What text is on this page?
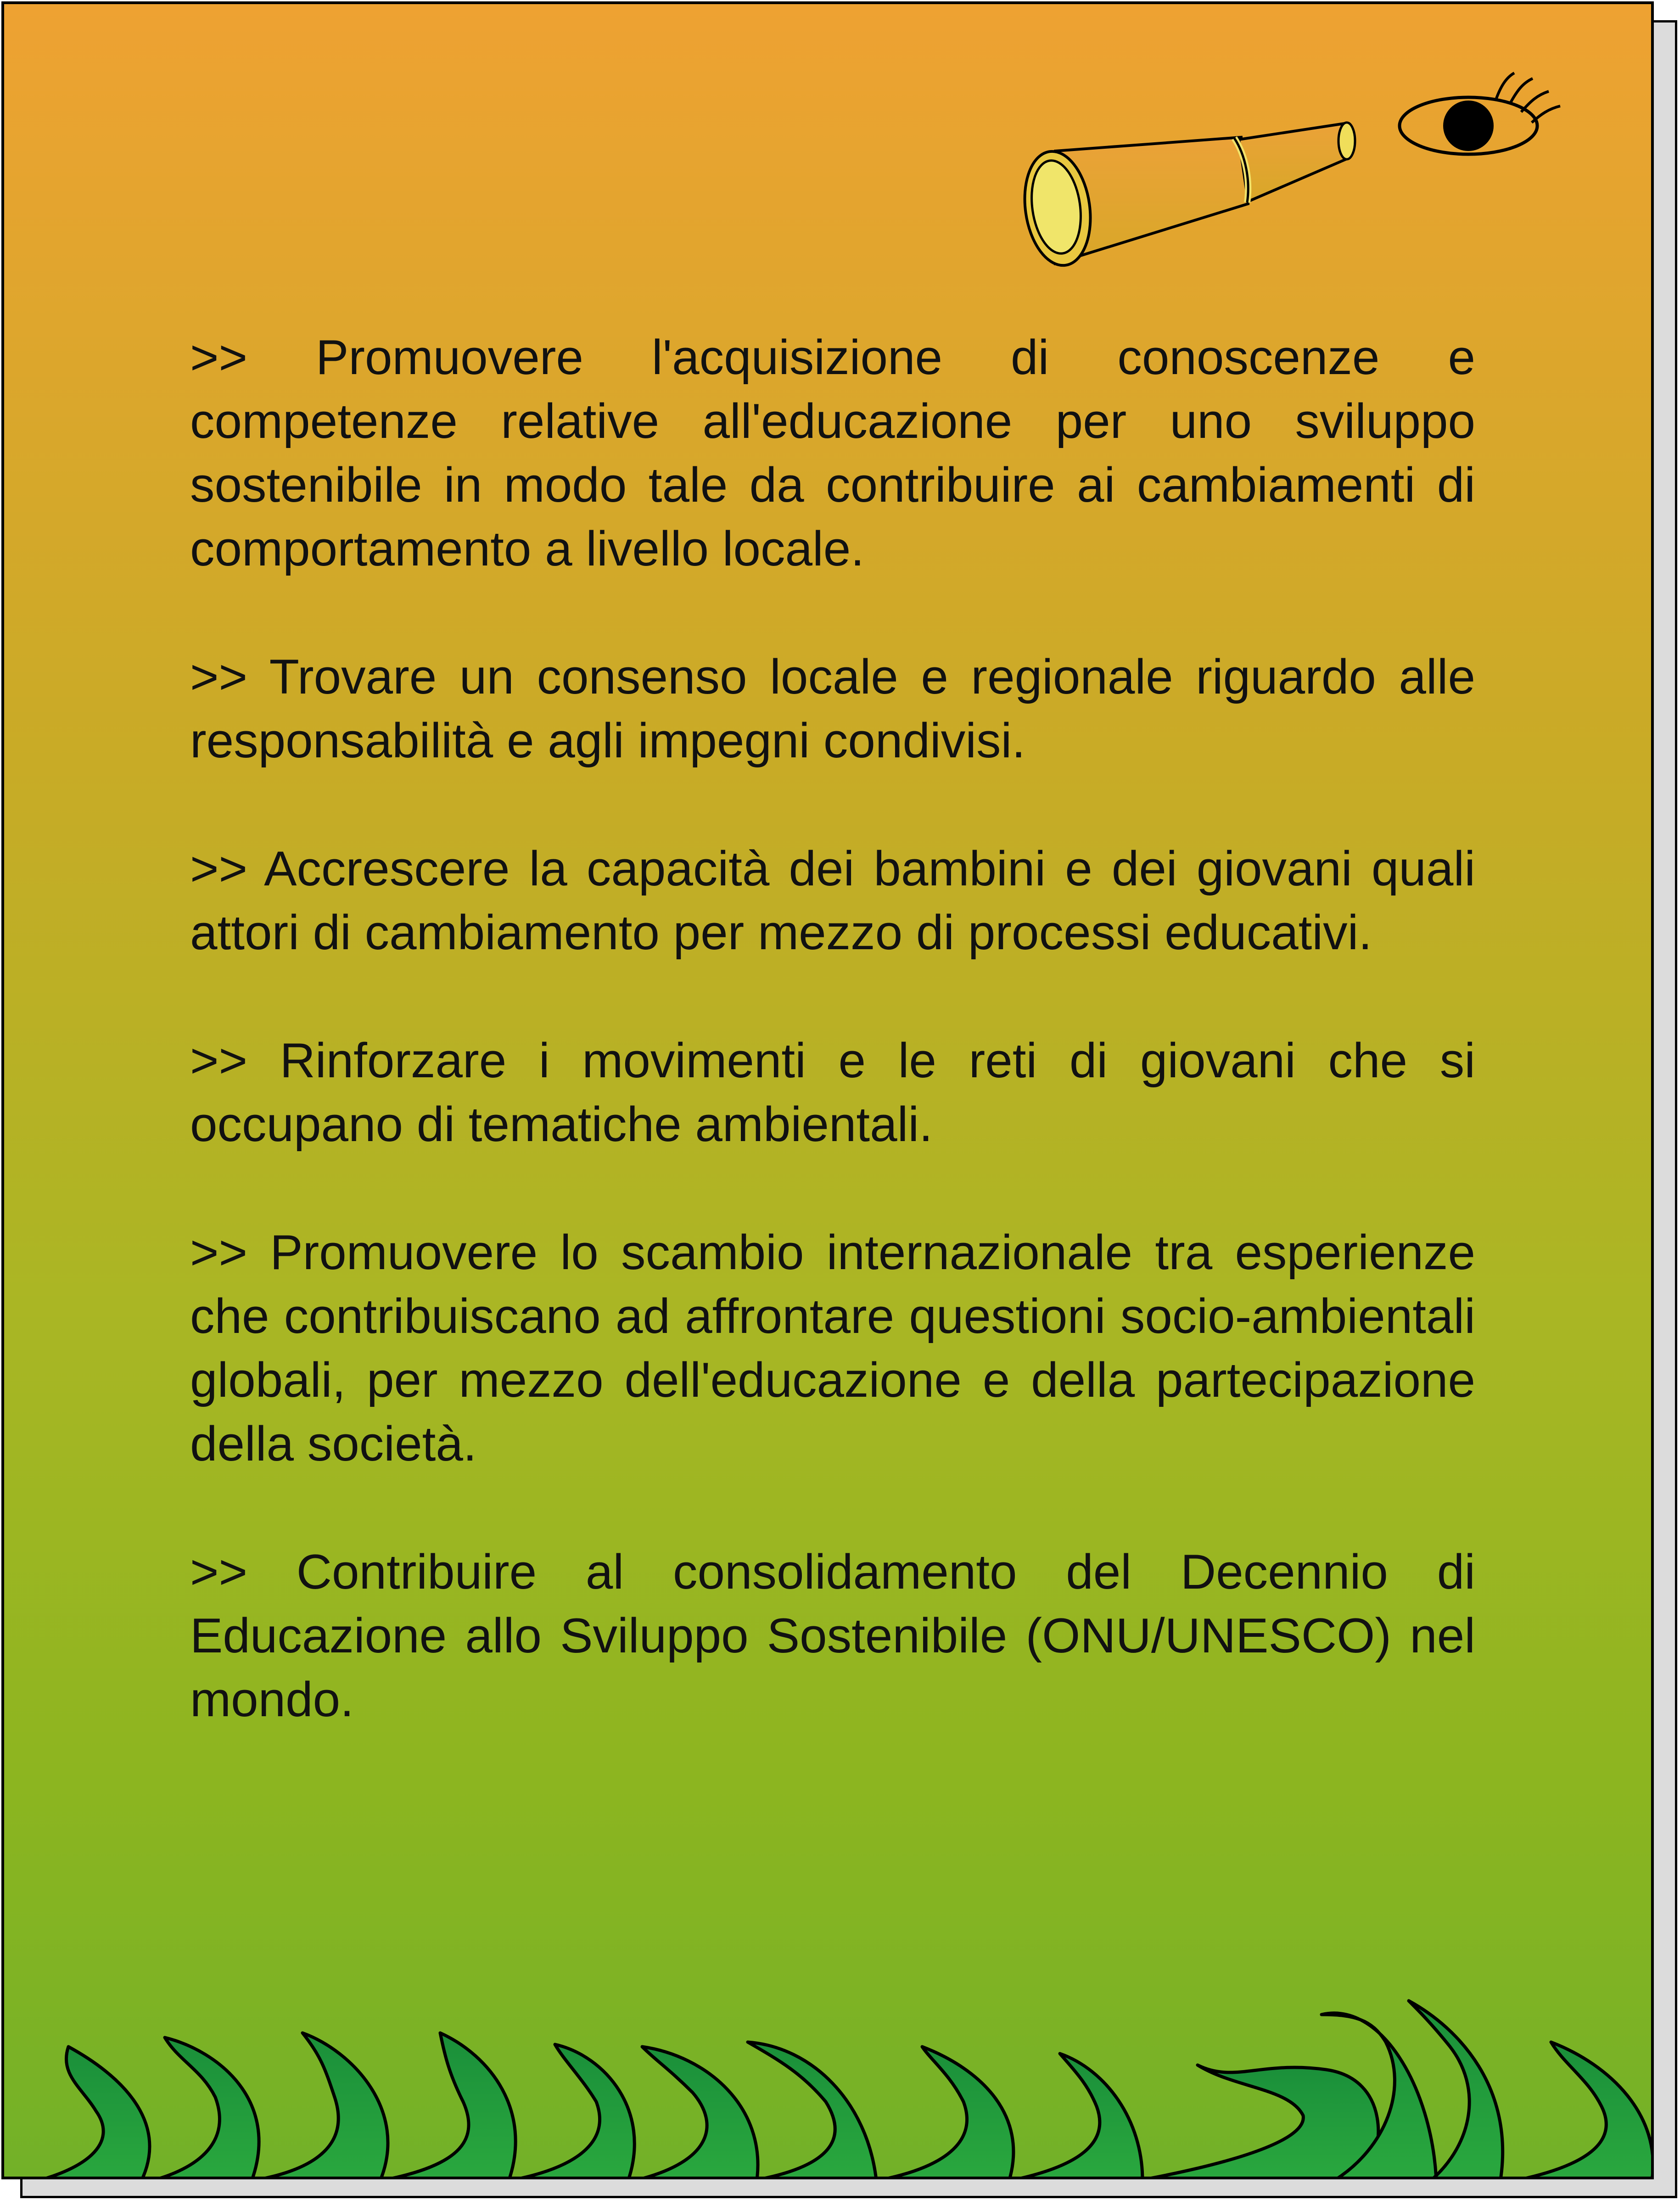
>> Promuovere l'acquisizione di conoscenze e competenze relative all'educazione per uno sviluppo sostenibile in modo tale da contribuire ai cambiamenti di comportamento a livello locale.

>> Trovare un consenso locale e regionale riguardo alle responsabilità e agli impegni condivisi.

>> Accrescere la capacità dei bambini e dei giovani quali attori di cambiamento per mezzo di processi educativi.

>> Rinforzare i movimenti e le reti di giovani che si occupano di tematiche ambientali.

>> Promuovere lo scambio internazionale tra esperienze che contribuiscano ad affrontare questioni socio-ambientali globali, per mezzo dell'educazione e della partecipazione della società.

>> Contribuire al consolidamento del Decennio di Educazione allo Sviluppo Sostenibile (ONU/UNESCO) nel mondo.
